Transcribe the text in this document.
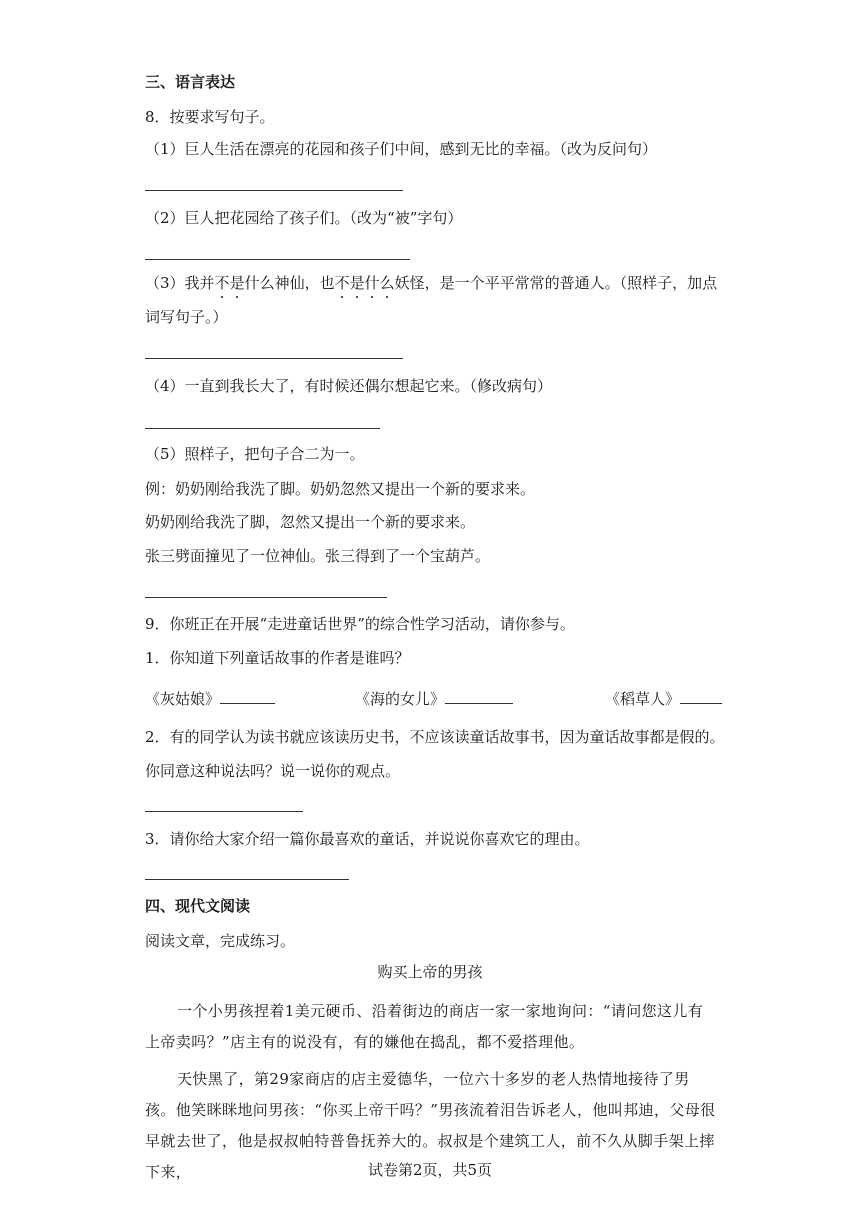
三、语言表达
8．按要求写句子。
（1）巨人生活在漂亮的花园和孩子们中间，感到无比的幸福。（改为反问句）
（2）巨人把花园给了孩子们。（改为“被”字句）
（3）我并不是什么神仙，也不是什么妖怪，是一个平平常常的普通人。（照样子，加点
词写句子。）
（4）一直到我长大了，有时候还偶尔想起它来。（修改病句）
（5）照样子，把句子合二为一。
例：奶奶刚给我洗了脚。奶奶忽然又提出一个新的要求来。
奶奶刚给我洗了脚，忽然又提出一个新的要求来。
张三劈面撞见了一位神仙。张三得到了一个宝葫芦。
9．你班正在开展“走进童话世界”的综合性学习活动，请你参与。
1．你知道下列童话故事的作者是谁吗？
《灰姑娘》	《海的女儿》	《稻草人》
2．有的同学认为读书就应该读历史书，不应该读童话故事书，因为童话故事都是假的。
你同意这种说法吗？说一说你的观点。
3．请你给大家介绍一篇你最喜欢的童话，并说说你喜欢它的理由。
四、现代文阅读
阅读文章，完成练习。
购买上帝的男孩
一个小男孩捏着1美元硬币、沿着街边的商店一家一家地询问：“请问您这儿有上帝卖吗？”店主有的说没有，有的嫌他在捣乱，都不爱搭理他。
天快黑了，第29家商店的店主爱德华，一位六十多岁的老人热情地接待了男孩。他笑眯眯地问男孩：“你买上帝干吗？”男孩流着泪告诉老人，他叫邦迪，父母很早就去世了，他是叔叔帕特普鲁抚养大的。叔叔是个建筑工人，前不久从脚手架上摔下来，	试卷第2页，共5页
